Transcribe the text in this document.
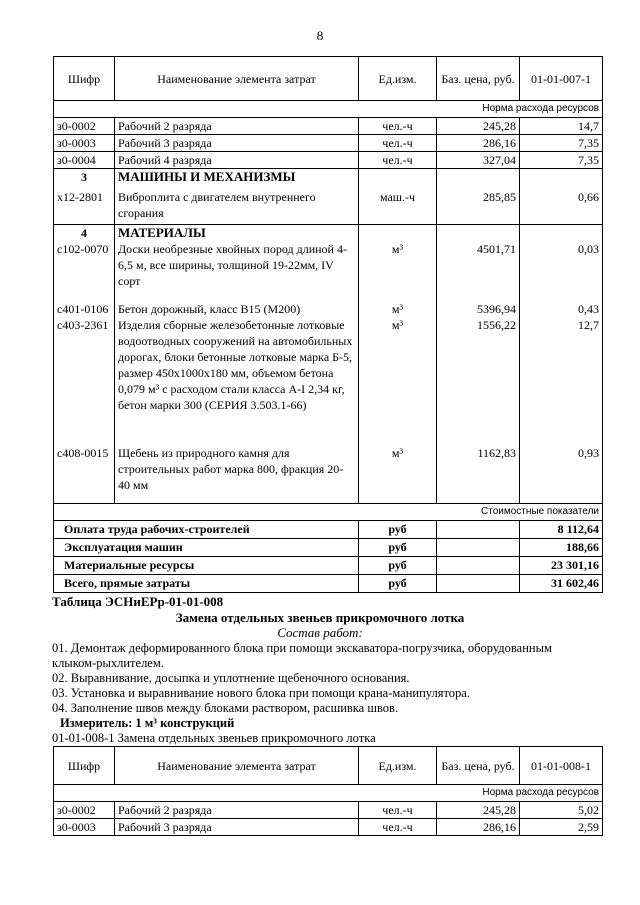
8
Шифр	Наименование элемента затрат	Ед.изм.	Баз. цена, руб.	01-01-007-1
Норма расхода ресурсов				
з0-0002	Рабочий 2 разряда	чел.-ч	245,28	14,7
з0-0003	Рабочий 3 разряда	чел.-ч	286,16	7,35
з0-0004	Рабочий 4 разряда	чел.-ч	327,04	7,35
3	МАШИНЫ И МЕХАНИЗМЫ			
х12-2801	Виброплита с двигателем внутреннего сгорания	маш.-ч	285,85	0,66
4	МАТЕРИАЛЫ			
с102-0070	Доски необрезные хвойных пород длиной 4-6,5 м, все ширины, толщиной 19-22мм, IV сорт	м³	4501,71	0,03
с401-0106	Бетон дорожный, класс В15 (М200)	м³	5396,94	0,43
с403-2361	Изделия сборные железобетонные лотковые водоотводных сооружений на автомобильных дорогах, блоки бетонные лотковые марка Б-5, размер 450х1000х180 мм, объемом бетона 0,079 м³ с расходом стали класса А-I 2,34 кг, бетон марки 300 (СЕРИЯ 3.503.1-66)	м³	1556,22	12,7
с408-0015	Щебень из природного камня для строительных работ марка 800, фракция 20-40 мм	м³	1162,83	0,93
Стоимостные показатели				
Оплата труда рабочих-строителей		руб		8 112,64
Эксплуатация машин		руб		188,66
Материальные ресурсы		руб		23 301,16
Всего, прямые затраты		руб		31 602,46
Таблица ЭСНиЕРр-01-01-008
Замена отдельных звеньев прикромочного лотка
Состав работ:
01. Демонтаж деформированного блока при помощи экскаватора-погрузчика, оборудованным
клыком-рыхлителем.
02. Выравнивание, досыпка и уплотнение щебеночного основания.
03. Установка и выравнивание нового блока при помощи крана-манипулятора.
04. Заполнение швов между блоками раствором, расшивка швов.
Измеритель: 1 м³ конструкций
01-01-008-1 Замена отдельных звеньев прикромочного лотка
Шифр	Наименование элемента затрат	Ед.изм.	Баз. цена, руб.	01-01-008-1
Норма расхода ресурсов				
з0-0002	Рабочий 2 разряда	чел.-ч	245,28	5,02
з0-0003	Рабочий 3 разряда	чел.-ч	286,16	2,59
